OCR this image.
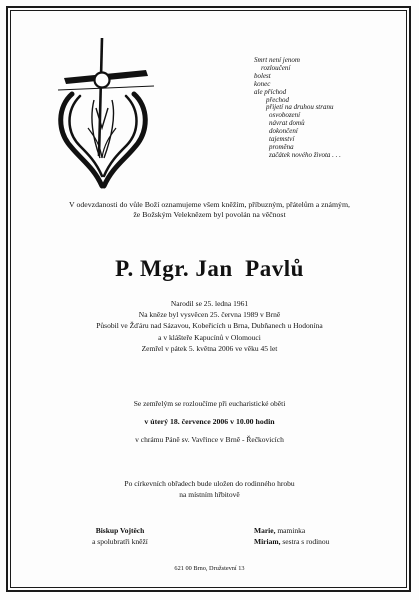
Smrt není jenom
rozloučení
bolest
konec
ale příchod
přechod
přijetí na druhou stranu
osvobození
návrat domů
dokončení
tajemství
proměna
začátek nového života . . .
V odevzdanosti do vůle Boží oznamujeme všem kněžím, příbuzným, přátelům a známým,
že Božským Veleknězem byl povolán na věčnost
P. Mgr. Jan  Pavlů
Narodil se 25. ledna 1961
Na kněze byl vysvěcen 25. června 1989 v Brně
Působil ve Žďáru nad Sázavou, Kobeřicích u Brna, Dubňanech u Hodonína
a v klášteře Kapucínů v Olomouci
Zemřel v pátek 5. května 2006 ve věku 45 let
Se zemřelým se rozloučíme při eucharistické oběti
v úterý 18. července 2006 v 10.00 hodin
v chrámu Páně sv. Vavřince v Brně - Řečkovicích
Po církevních obřadech bude uložen do rodinného hrobu
na místním hřbitově
Biskup Vojtěch
a spolubratři kněží
Marie, maminka
Miriam, sestra s rodinou
621 00 Brno, Družstevní 13
